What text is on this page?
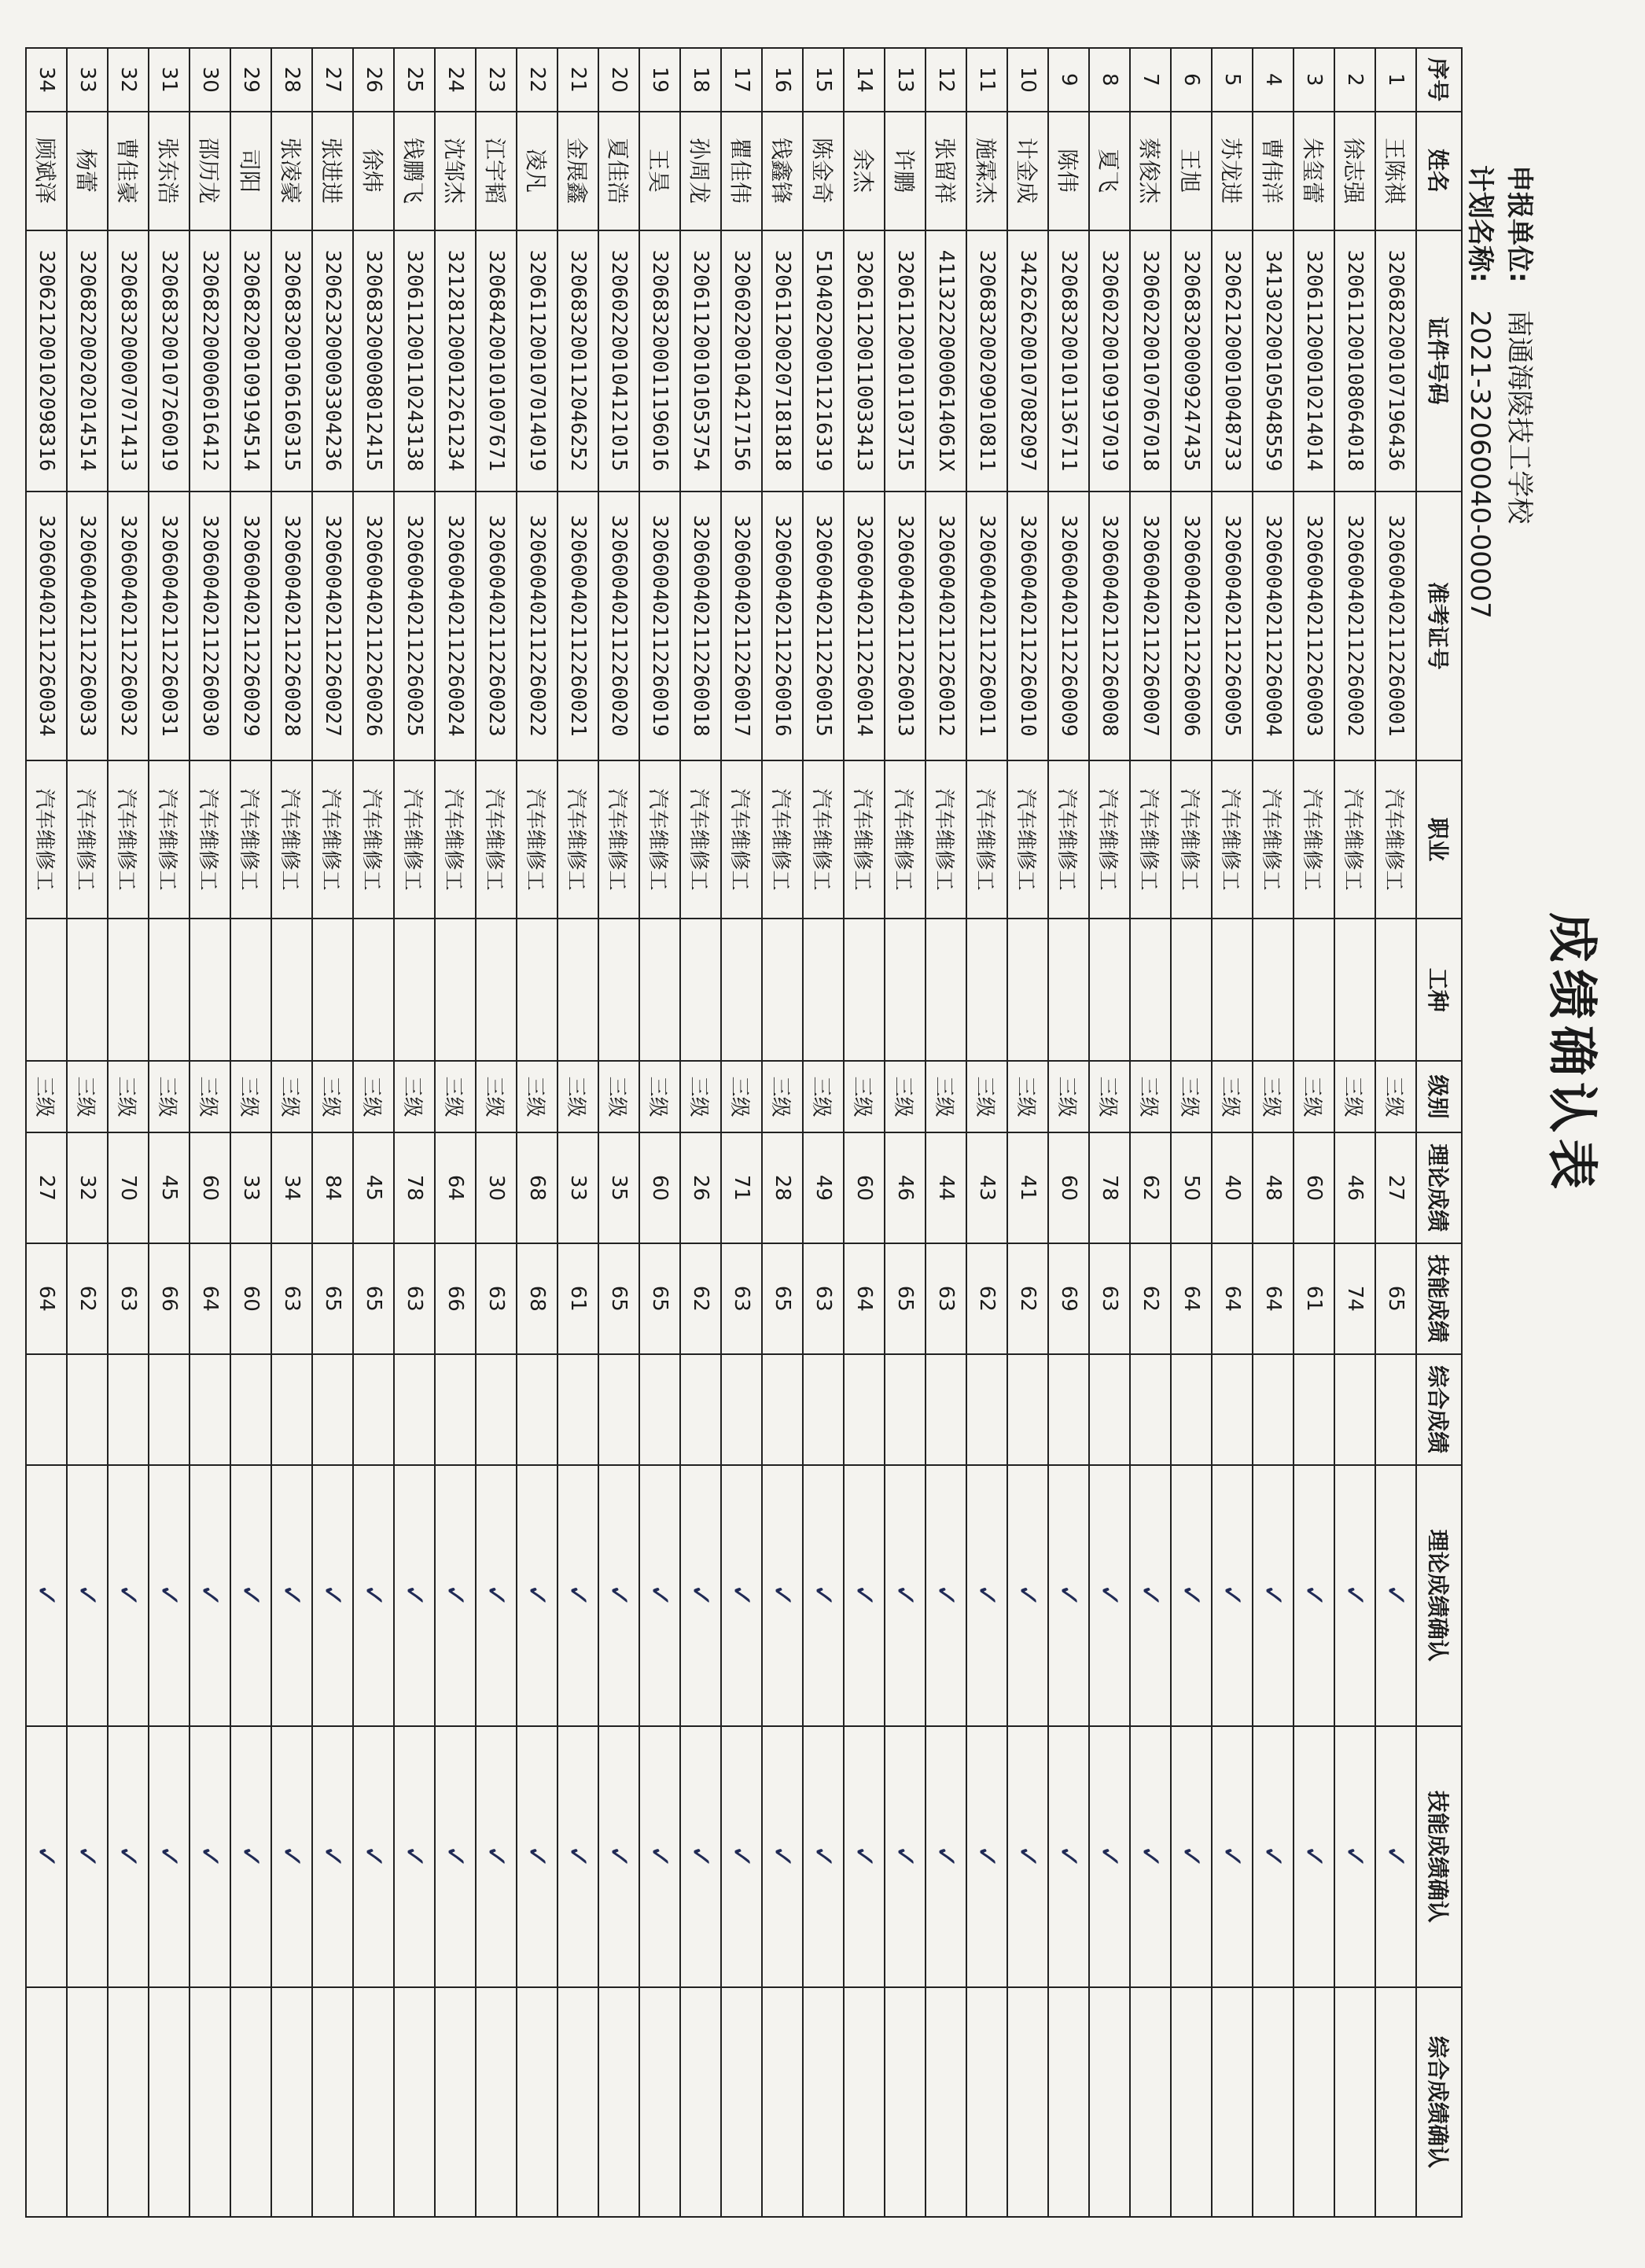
成绩确认表
申报单位: 南通海陵技工学校
计划名称: 2021-32060040-00007
序号	姓名	证件号码	准考证号	职业	工种	级别	理论成绩	技能成绩	综合成绩	理论成绩确认	技能成绩确认	综合成绩确认
1	王陈祺	320682200107196436	320600402112260001	汽车维修工		三级	27	65		✓	✓	
2	徐志强	320611200108064018	320600402112260002	汽车维修工		三级	46	74		✓	✓	
3	朱玺蕾	320611200010214014	320600402112260003	汽车维修工		三级	60	61		✓	✓	
4	曹伟洋	341302200105048559	320600402112260004	汽车维修工		三级	48	64		✓	✓	
5	苏龙进	320621200010048733	320600402112260005	汽车维修工		三级	40	64		✓	✓	
6	王旭	320683200009247435	320600402112260006	汽车维修工		三级	50	64		✓	✓	
7	蔡俊杰	320602200107067018	320600402112260007	汽车维修工		三级	62	62		✓	✓	
8	夏飞	320602200109197019	320600402112260008	汽车维修工		三级	78	63		✓	✓	
9	陈伟	320683200101136711	320600402112260009	汽车维修工		三级	60	69		✓	✓	
10	计金成	342626200107082097	320600402112260010	汽车维修工		三级	41	62		✓	✓	
11	施霖杰	320683200209010811	320600402112260011	汽车维修工		三级	43	62		✓	✓	
12	张留祥	41132220000614061X	320600402112260012	汽车维修工		三级	44	63		✓	✓	
13	许鹏	320611200101103715	320600402112260013	汽车维修工		三级	46	65		✓	✓	
14	余杰	320611200110033413	320600402112260014	汽车维修工		三级	60	64		✓	✓	
15	陈金奇	510402200011216319	320600402112260015	汽车维修工		三级	49	63		✓	✓	
16	钱鑫锋	320611200207181818	320600402112260016	汽车维修工		三级	28	65		✓	✓	
17	瞿佳伟	320602200104217156	320600402112260017	汽车维修工		三级	71	63		✓	✓	
18	孙周龙	320611200101053754	320600402112260018	汽车维修工		三级	26	62		✓	✓	
19	王昊	320683200011196016	320600402112260019	汽车维修工		三级	60	65		✓	✓	
20	夏佳浩	320602200104121015	320600402112260020	汽车维修工		三级	35	65		✓	✓	
21	金展鑫	320683200112046252	320600402112260021	汽车维修工		三级	33	61		✓	✓	
22	凌凡	320611200107014019	320600402112260022	汽车维修工		三级	68	68		✓	✓	
23	江宇韬	320684200101007671	320600402112260023	汽车维修工		三级	30	63		✓	✓	
24	沈邹杰	321281200012261234	320600402112260024	汽车维修工		三级	64	66		✓	✓	
25	钱鹏飞	320611200110243138	320600402112260025	汽车维修工		三级	78	63		✓	✓	
26	徐炜	320683200008012415	320600402112260026	汽车维修工		三级	45	65		✓	✓	
27	张进进	320623200003304236	320600402112260027	汽车维修工		三级	84	65		✓	✓	
28	张凌豪	320683200106160315	320600402112260028	汽车维修工		三级	34	63		✓	✓	
29	司阳	320682200109194514	320600402112260029	汽车维修工		三级	33	60		✓	✓	
30	邵历龙	320682200006016412	320600402112260030	汽车维修工		三级	60	64		✓	✓	
31	张东浩	320683200107260019	320600402112260031	汽车维修工		三级	45	66		✓	✓	
32	曹佳豪	320683200007071413	320600402112260032	汽车维修工		三级	70	63		✓	✓	
33	杨蕾	320682200202014514	320600402112260033	汽车维修工		三级	32	62		✓	✓	
34	顾斌泽	320621200102098316	320600402112260034	汽车维修工		三级	27	64		✓	✓	
